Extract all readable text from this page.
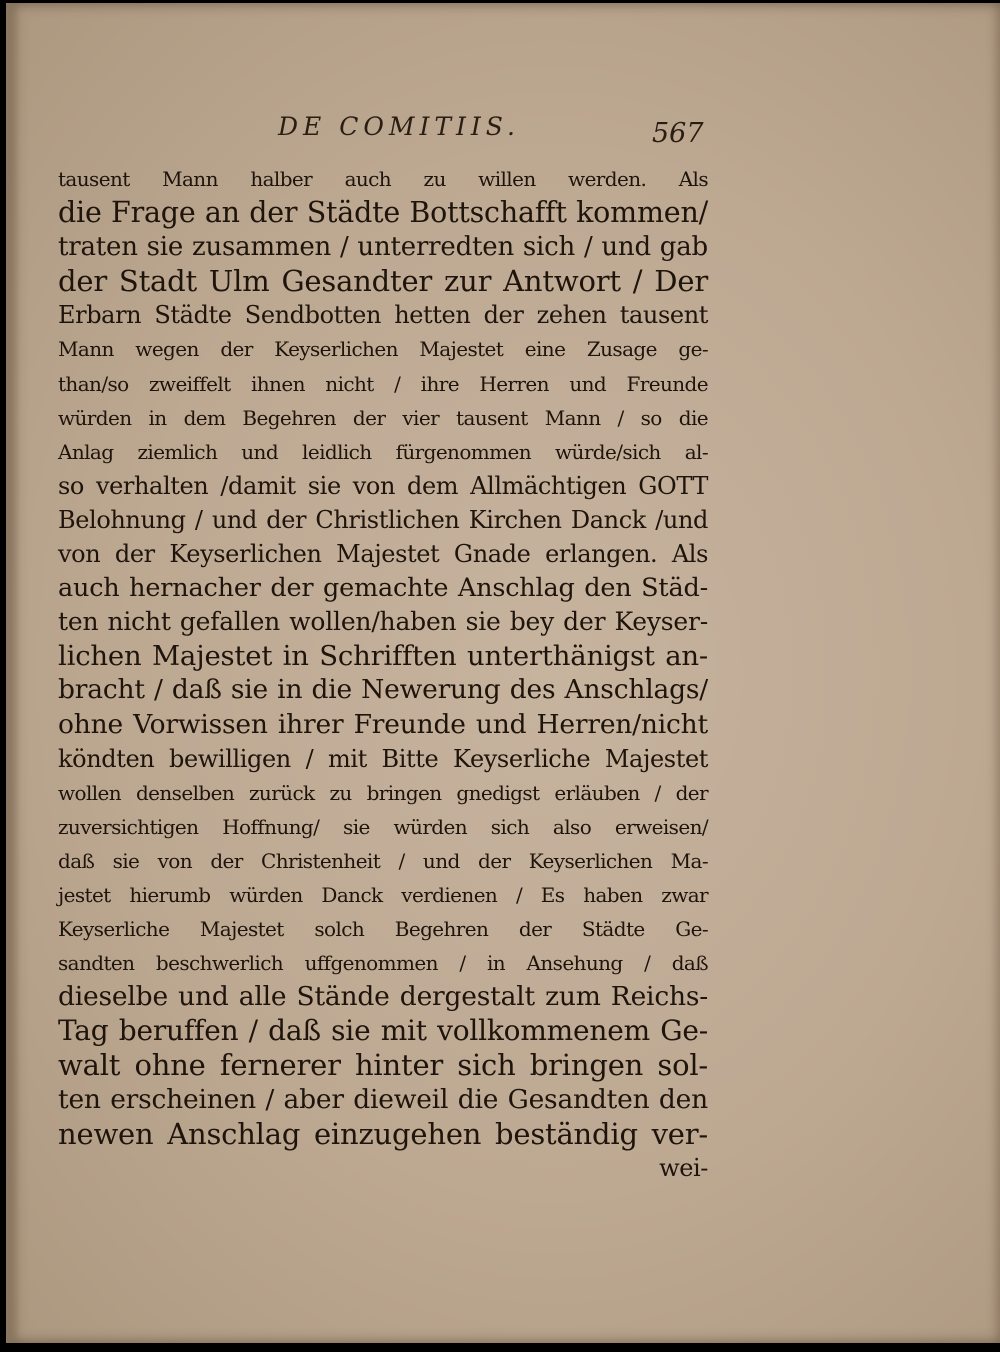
DE COMITIIS.	567
tausent Mann halber auch zu willen werden. Als
die Frage an der Städte Bottschafft kommen/
traten sie zusammen / unterredten sich / und gab
der Stadt Ulm Gesandter zur Antwort / Der
Erbarn Städte Sendbotten hetten der zehen tausent
Mann wegen der Keyserlichen Majestet eine Zusage ge-
than/so zweiffelt ihnen nicht / ihre Herren und Freunde
würden in dem Begehren der vier tausent Mann / so die
Anlag ziemlich und leidlich fürgenommen würde/sich al-
so verhalten /damit sie von dem Allmächtigen GOTT
Belohnung / und der Christlichen Kirchen Danck /und
von der Keyserlichen Majestet Gnade erlangen. Als
auch hernacher der gemachte Anschlag den Städ-
ten nicht gefallen wollen/haben sie bey der Keyser-
lichen Majestet in Schrifften unterthänigst an-
bracht / daß sie in die Newerung des Anschlags/
ohne Vorwissen ihrer Freunde und Herren/nicht
köndten bewilligen / mit Bitte Keyserliche Majestet
wollen denselben zurück zu bringen gnedigst erläuben / der
zuversichtigen Hoffnung/ sie würden sich also erweisen/
daß sie von der Christenheit / und der Keyserlichen Ma-
jestet hierumb würden Danck verdienen / Es haben zwar
Keyserliche Majestet solch Begehren der Städte Ge-
sandten beschwerlich uffgenommen / in Ansehung / daß
dieselbe und alle Stände dergestalt zum Reichs-
Tag beruffen / daß sie mit vollkommenem Ge-
walt ohne fernerer hinter sich bringen sol-
ten erscheinen / aber dieweil die Gesandten den
newen Anschlag einzugehen beständig ver-
wei-
